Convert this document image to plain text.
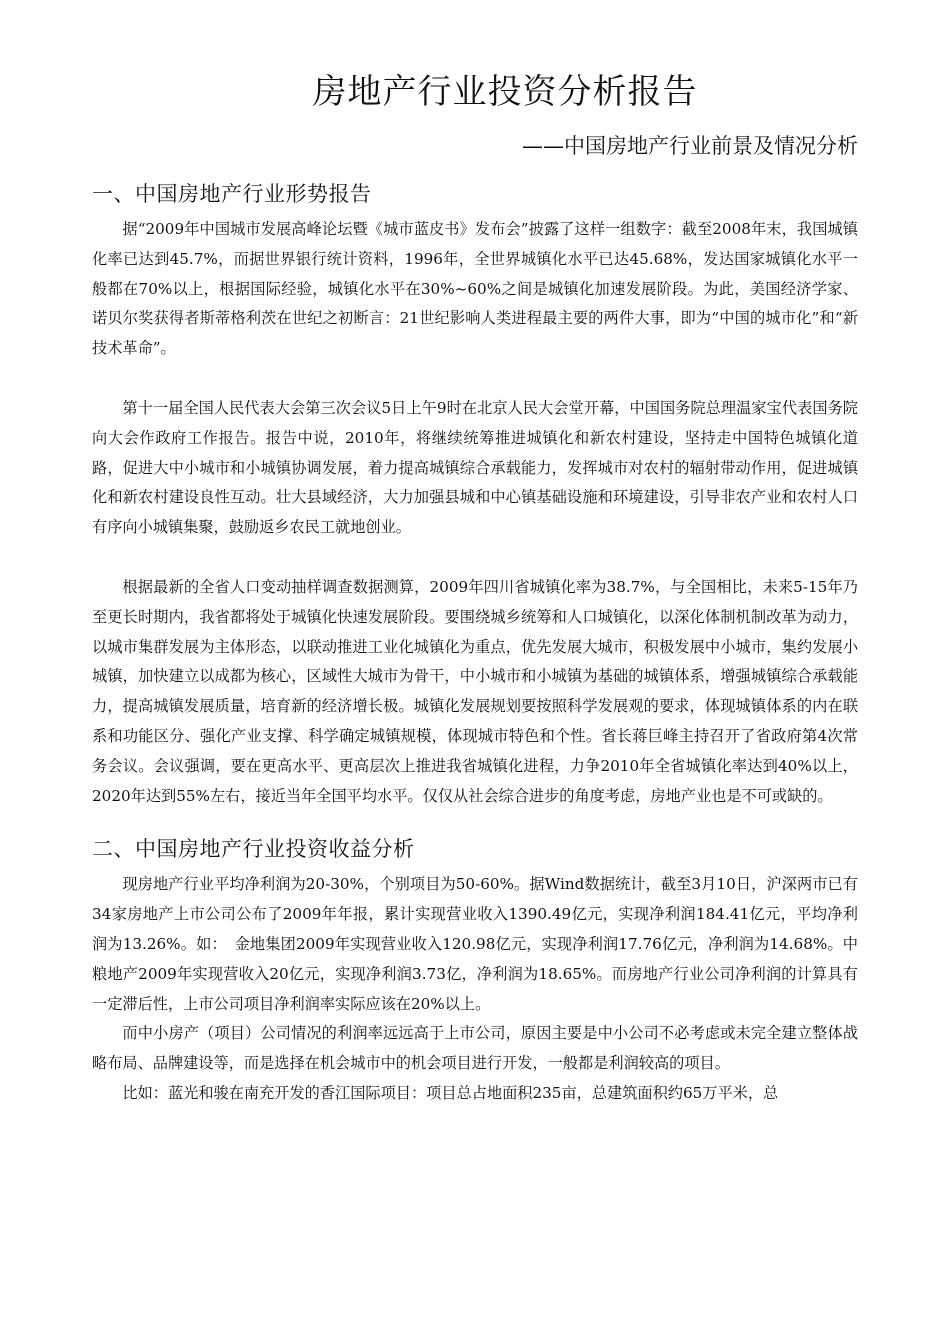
房地产行业投资分析报告
——中国房地产行业前景及情况分析
一、中国房地产行业形势报告

据“2009年中国城市发展高峰论坛暨《城市蓝皮书》发布会”披露了这样一组数字：截至2008年末，我国城镇化率已达到45.7%，而据世界银行统计资料，1996年，全世界城镇化水平已达45.68%，发达国家城镇化水平一般都在70%以上，根据国际经验，城镇化水平在30%~60%之间是城镇化加速发展阶段。为此，美国经济学家、诺贝尔奖获得者斯蒂格利茨在世纪之初断言：21世纪影响人类进程最主要的两件大事，即为“中国的城市化”和“新技术革命”。

第十一届全国人民代表大会第三次会议5日上午9时在北京人民大会堂开幕，中国国务院总理温家宝代表国务院向大会作政府工作报告。报告中说，2010年，将继续统筹推进城镇化和新农村建设，坚持走中国特色城镇化道路，促进大中小城市和小城镇协调发展，着力提高城镇综合承载能力，发挥城市对农村的辐射带动作用，促进城镇化和新农村建设良性互动。壮大县域经济，大力加强县城和中心镇基础设施和环境建设，引导非农产业和农村人口有序向小城镇集聚，鼓励返乡农民工就地创业。

根据最新的全省人口变动抽样调查数据测算，2009年四川省城镇化率为38.7%，与全国相比，未来5-15年乃至更长时期内，我省都将处于城镇化快速发展阶段。要围绕城乡统筹和人口城镇化，以深化体制机制改革为动力，以城市集群发展为主体形态，以联动推进工业化城镇化为重点，优先发展大城市，积极发展中小城市，集约发展小城镇，加快建立以成都为核心，区域性大城市为骨干，中小城市和小城镇为基础的城镇体系，增强城镇综合承载能力，提高城镇发展质量，培育新的经济增长极。城镇化发展规划要按照科学发展观的要求，体现城镇体系的内在联系和功能区分、强化产业支撑、科学确定城镇规模，体现城市特色和个性。省长蒋巨峰主持召开了省政府第4次常务会议。会议强调，要在更高水平、更高层次上推进我省城镇化进程，力争2010年全省城镇化率达到40%以上，2020年达到55%左右，接近当年全国平均水平。仅仅从社会综合进步的角度考虑，房地产业也是不可或缺的。

二、中国房地产行业投资收益分析

现房地产行业平均净利润为20-30%，个别项目为50-60%。据Wind数据统计，截至3月10日，沪深两市已有34家房地产上市公司公布了2009年年报，累计实现营业收入1390.49亿元，实现净利润184.41亿元，平均净利润为13.26%。如：　金地集团2009年实现营业收入120.98亿元，实现净利润17.76亿元，净利润为14.68%。中粮地产2009年实现营收入20亿元，实现净利润3.73亿，净利润为18.65%。而房地产行业公司净利润的计算具有一定滞后性，上市公司项目净利润率实际应该在20%以上。

而中小房产（项目）公司情况的利润率远远高于上市公司，原因主要是中小公司不必考虑或未完全建立整体战略布局、品牌建设等，而是选择在机会城市中的机会项目进行开发，一般都是利润较高的项目。

比如：蓝光和骏在南充开发的香江国际项目：项目总占地面积235亩，总建筑面积约65万平米，总
